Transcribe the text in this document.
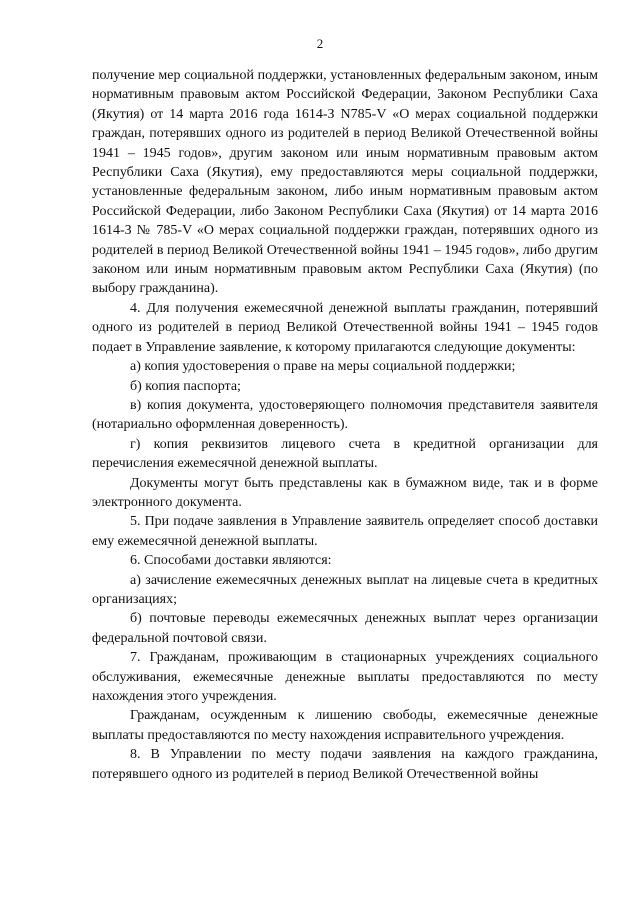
2

получение мер социальной поддержки, установленных федеральным законом, иным нормативным правовым актом Российской Федерации, Законом Республики Саха (Якутия) от 14 марта 2016 года 1614-З N785-V «О мерах социальной поддержки граждан, потерявших одного из родителей в период Великой Отечественной войны 1941 – 1945 годов», другим законом или иным нормативным правовым актом Республики Саха (Якутия), ему предоставляются меры социальной поддержки, установленные федеральным законом, либо иным нормативным правовым актом Российской Федерации, либо Законом Республики Саха (Якутия) от 14 марта 2016 1614-З № 785-V «О мерах социальной поддержки граждан, потерявших одного из родителей в период Великой Отечественной войны 1941 – 1945 годов», либо другим законом или иным нормативным правовым актом Республики Саха (Якутия) (по выбору гражданина).

4. Для получения ежемесячной денежной выплаты гражданин, потерявший одного из родителей в период Великой Отечественной войны 1941 – 1945 годов подает в Управление заявление, к которому прилагаются следующие документы:

а) копия удостоверения о праве на меры социальной поддержки;

б) копия паспорта;

в) копия документа, удостоверяющего полномочия представителя заявителя (нотариально оформленная доверенность).

г) копия реквизитов лицевого счета в кредитной организации для перечисления ежемесячной денежной выплаты.

Документы могут быть представлены как в бумажном виде, так и в форме электронного документа.

5. При подаче заявления в Управление заявитель определяет способ доставки ему ежемесячной денежной выплаты.

6. Способами доставки являются:

а) зачисление ежемесячных денежных выплат на лицевые счета в кредитных организациях;

б) почтовые переводы ежемесячных денежных выплат через организации федеральной почтовой связи.

7. Гражданам, проживающим в стационарных учреждениях социального обслуживания, ежемесячные денежные выплаты предоставляются по месту нахождения этого учреждения.

Гражданам, осужденным к лишению свободы, ежемесячные денежные выплаты предоставляются по месту нахождения исправительного учреждения.

8. В Управлении по месту подачи заявления на каждого гражданина, потерявшего одного из родителей в период Великой Отечественной войны
